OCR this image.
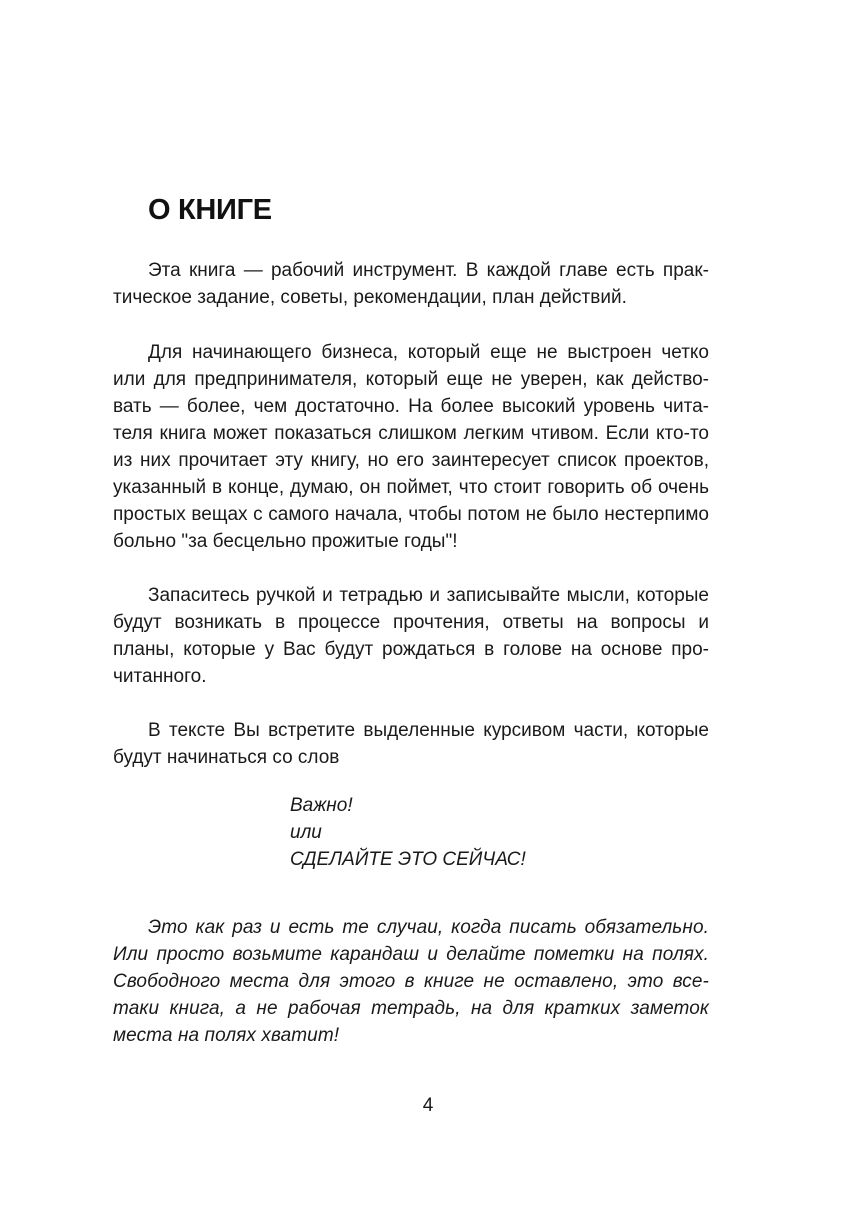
О КНИГЕ

Эта книга — рабочий инструмент. В каждой главе есть практическое задание, советы, рекомендации, план действий.

Для начинающего бизнеса, который еще не выстроен четко или для предпринимателя, который еще не уверен, как действовать — более, чем достаточно. На более высокий уровень читателя книга может показаться слишком легким чтивом. Если кто-то из них прочитает эту книгу, но его заинтересует список проектов, указанный в конце, думаю, он поймет, что стоит говорить об очень простых вещах с самого начала, чтобы потом не было нестерпимо больно "за бесцельно прожитые годы"!

Запаситесь ручкой и тетрадью и записывайте мысли, которые будут возникать в процессе прочтения, ответы на вопросы и планы, которые у Вас будут рождаться в голове на основе прочитанного.

В тексте Вы встретите выделенные курсивом части, которые будут начинаться со слов

Важно!
или
СДЕЛАЙТЕ ЭТО СЕЙЧАС!

Это как раз и есть те случаи, когда писать обязательно. Или просто возьмите карандаш и делайте пометки на полях. Свободного места для этого в книге не оставлено, это все-таки книга, а не рабочая тетрадь, на для кратких заметок места на полях хватит!

4
